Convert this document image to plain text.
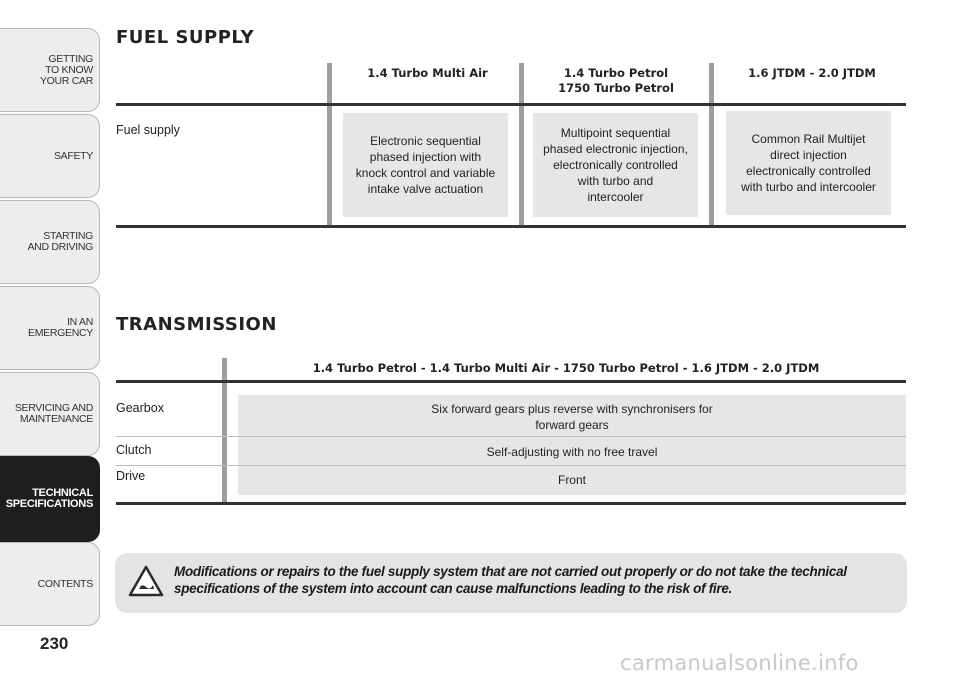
GETTING
TO KNOW
YOUR CAR
SAFETY
STARTING
AND DRIVING
IN AN
EMERGENCY
SERVICING AND
MAINTENANCE
TECHNICAL
SPECIFICATIONS
CONTENTS
230
FUEL SUPPLY
1.4 Turbo Multi Air	1.4 Turbo Petrol
1750 Turbo Petrol
1.6 JTDM - 2.0 JTDM
Fuel supply
Electronic sequential
phased injection with
knock control and variable
intake valve actuation
Multipoint sequential
phased electronic injection,
electronically controlled
with turbo and
intercooler
Common Rail Multijet
direct injection
electronically controlled
with turbo and intercooler
TRANSMISSION
1.4 Turbo Petrol - 1.4 Turbo Multi Air - 1750 Turbo Petrol - 1.6 JTDM - 2.0 JTDM
Gearbox
Clutch
Drive
Six forward gears plus reverse with synchronisers for
forward gears
Self-adjusting with no free travel
Front
Modifications or repairs to the fuel supply system that are not carried out properly or do not take the technical specifications of the system into account can cause malfunctions leading to the risk of fire.
carmanualsonline.info
